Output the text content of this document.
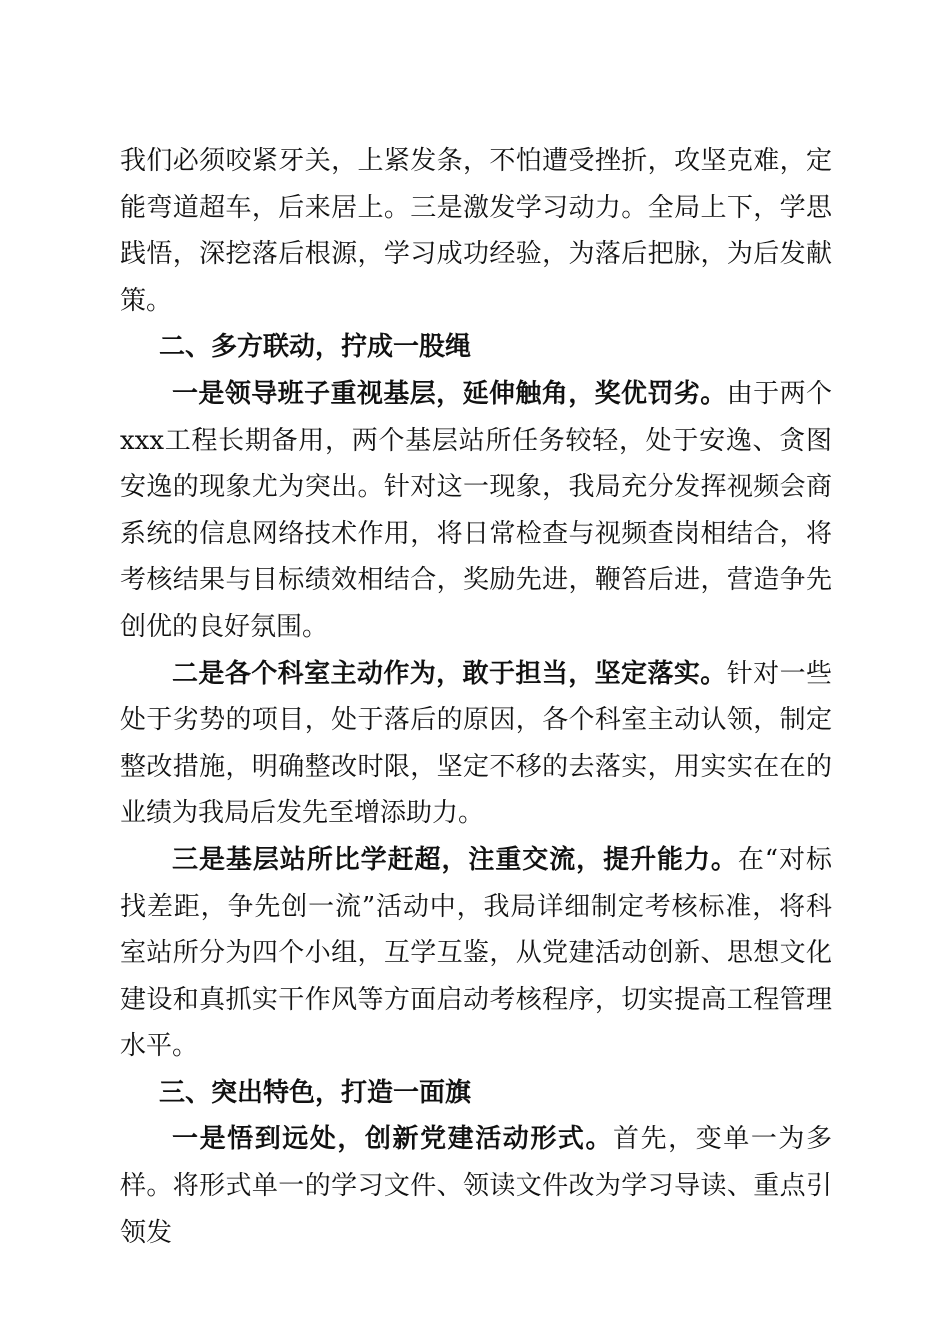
我们必须咬紧牙关，上紧发条，不怕遭受挫折，攻坚克难，定能弯道超车，后来居上。三是激发学习动力。全局上下，学思践悟，深挖落后根源，学习成功经验，为落后把脉，为后发献策。

二、多方联动，拧成一股绳

一是领导班子重视基层，延伸触角，奖优罚劣。由于两个xxx工程长期备用，两个基层站所任务较轻，处于安逸、贪图安逸的现象尤为突出。针对这一现象，我局充分发挥视频会商系统的信息网络技术作用，将日常检查与视频查岗相结合，将考核结果与目标绩效相结合，奖励先进，鞭笞后进，营造争先创优的良好氛围。

二是各个科室主动作为，敢于担当，坚定落实。针对一些处于劣势的项目，处于落后的原因，各个科室主动认领，制定整改措施，明确整改时限，坚定不移的去落实，用实实在在的业绩为我局后发先至增添助力。

三是基层站所比学赶超，注重交流，提升能力。在“对标找差距，争先创一流”活动中，我局详细制定考核标准，将科室站所分为四个小组，互学互鉴，从党建活动创新、思想文化建设和真抓实干作风等方面启动考核程序，切实提高工程管理水平。

三、突出特色，打造一面旗

一是悟到远处，创新党建活动形式。首先，变单一为多样。将形式单一的学习文件、领读文件改为学习导读、重点引领发
